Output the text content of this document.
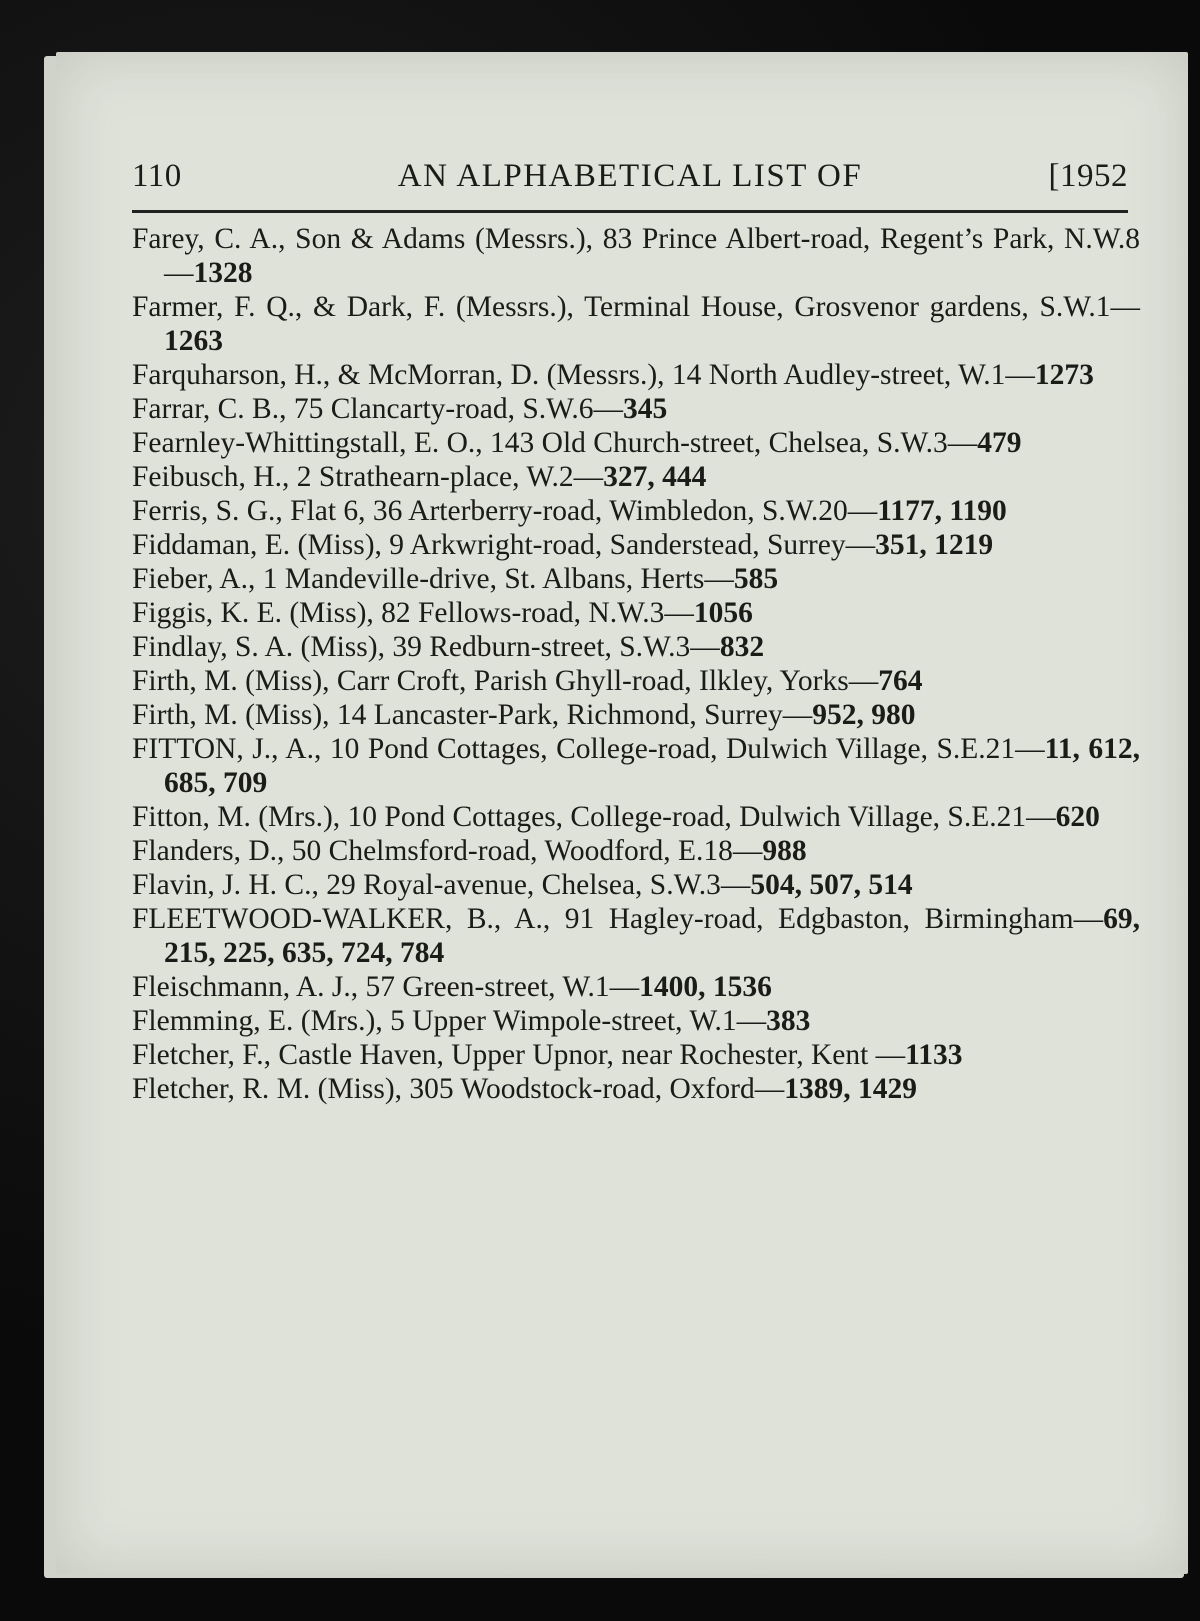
110	AN ALPHABETICAL LIST OF	[1952

Farey, C. A., Son & Adams (Messrs.), 83 Prince Albert-road, Regent’s Park, N.W.8—1328

Farmer, F. Q., & Dark, F. (Messrs.), Terminal House, Grosvenor gardens, S.W.1—1263

Farquharson, H., & McMorran, D. (Messrs.), 14 North Audley-street, W.1—1273

Farrar, C. B., 75 Clancarty-road, S.W.6—345

Fearnley-Whittingstall, E. O., 143 Old Church-street, Chelsea, S.W.3—479

Feibusch, H., 2 Strathearn-place, W.2—327, 444

Ferris, S. G., Flat 6, 36 Arterberry-road, Wimbledon, S.W.20—1177, 1190

Fiddaman, E. (Miss), 9 Arkwright-road, Sanderstead, Surrey—351, 1219

Fieber, A., 1 Mandeville-drive, St. Albans, Herts—585

Figgis, K. E. (Miss), 82 Fellows-road, N.W.3—1056

Findlay, S. A. (Miss), 39 Redburn-street, S.W.3—832

Firth, M. (Miss), Carr Croft, Parish Ghyll-road, Ilkley, Yorks—764

Firth, M. (Miss), 14 Lancaster-Park, Richmond, Surrey—952, 980

FITTON, J., A., 10 Pond Cottages, College-road, Dulwich Village, S.E.21—11, 612, 685, 709

Fitton, M. (Mrs.), 10 Pond Cottages, College-road, Dulwich Village, S.E.21—620

Flanders, D., 50 Chelmsford-road, Woodford, E.18—988

Flavin, J. H. C., 29 Royal-avenue, Chelsea, S.W.3—504, 507, 514

FLEETWOOD-WALKER, B., A., 91 Hagley-road, Edgbaston, Birmingham—69, 215, 225, 635, 724, 784

Fleischmann, A. J., 57 Green-street, W.1—1400, 1536

Flemming, E. (Mrs.), 5 Upper Wimpole-street, W.1—383

Fletcher, F., Castle Haven, Upper Upnor, near Rochester, Kent —1133

Fletcher, R. M. (Miss), 305 Woodstock-road, Oxford—1389, 1429
